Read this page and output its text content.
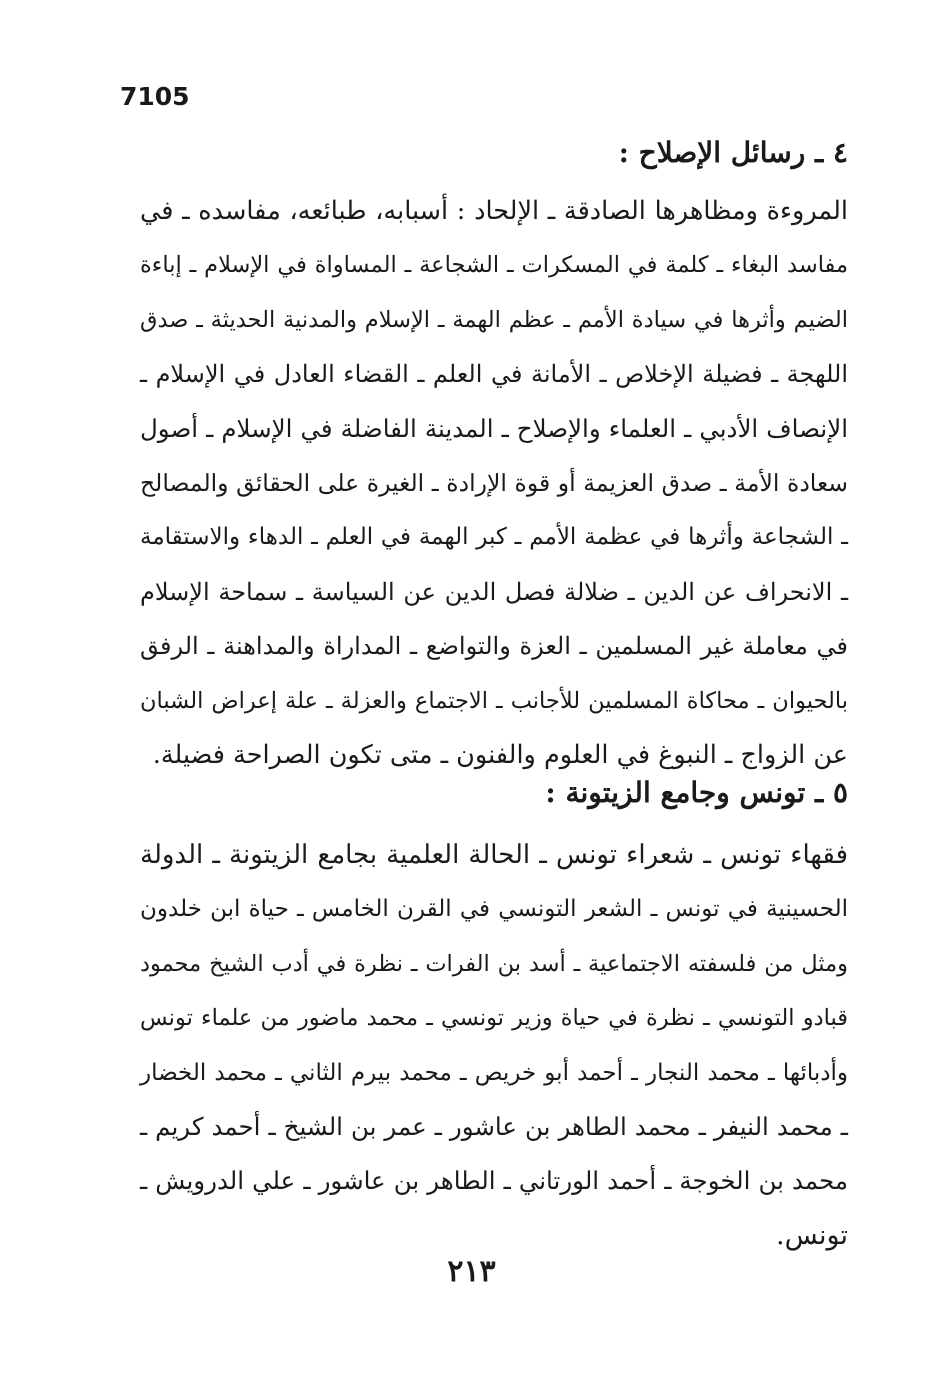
7105
٤ ـ رسائل الإصلاح :
المروءة ومظاهرها الصادقة ـ الإلحاد : أسبابه، طبائعه، مفاسده ـ في
مفاسد البغاء ـ كلمة في المسكرات ـ الشجاعة ـ المساواة في الإسلام ـ إباءة
الضيم وأثرها في سيادة الأمم ـ عظم الهمة ـ الإسلام والمدنية الحديثة ـ صدق
اللهجة ـ فضيلة الإخلاص ـ الأمانة في العلم ـ القضاء العادل في الإسلام ـ
الإنصاف الأدبي ـ العلماء والإصلاح ـ المدينة الفاضلة في الإسلام ـ أصول
سعادة الأمة ـ صدق العزيمة أو قوة الإرادة ـ الغيرة على الحقائق والمصالح
ـ الشجاعة وأثرها في عظمة الأمم ـ كبر الهمة في العلم ـ الدهاء والاستقامة
ـ الانحراف عن الدين ـ ضلالة فصل الدين عن السياسة ـ سماحة الإسلام
في معاملة غير المسلمين ـ العزة والتواضع ـ المداراة والمداهنة ـ الرفق
بالحيوان ـ محاكاة المسلمين للأجانب ـ الاجتماع والعزلة ـ علة إعراض الشبان
عن الزواج ـ النبوغ في العلوم والفنون ـ متى تكون الصراحة فضيلة.
٥ ـ تونس وجامع الزيتونة :
فقهاء تونس ـ شعراء تونس ـ الحالة العلمية بجامع الزيتونة ـ الدولة
الحسينية في تونس ـ الشعر التونسي في القرن الخامس ـ حياة ابن خلدون
ومثل من فلسفته الاجتماعية ـ أسد بن الفرات ـ نظرة في أدب الشيخ محمود
قبادو التونسي ـ نظرة في حياة وزير تونسي ـ محمد ماضور من علماء تونس
وأدبائها ـ محمد النجار ـ أحمد أبو خريص ـ محمد بيرم الثاني ـ محمد الخضار
ـ محمد النيفر ـ محمد الطاهر بن عاشور ـ عمر بن الشيخ ـ أحمد كريم ـ
محمد بن الخوجة ـ أحمد الورتاني ـ الطاهر بن عاشور ـ علي الدرويش ـ
تونس.
٢١٣
